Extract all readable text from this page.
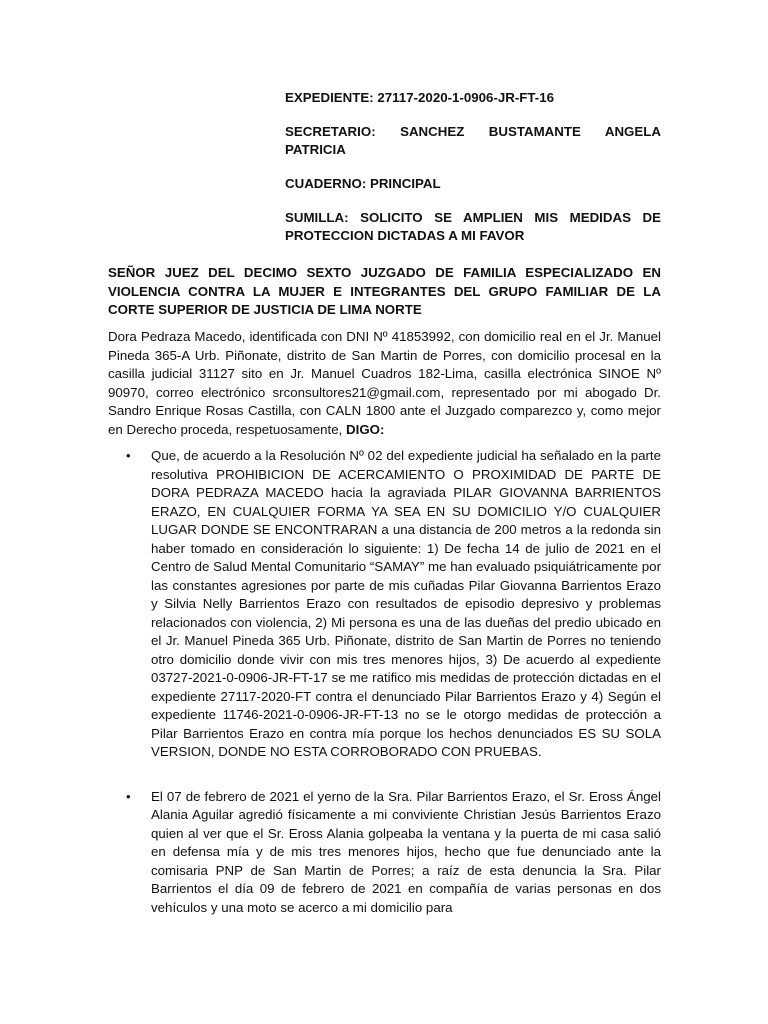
EXPEDIENTE: 27117-2020-1-0906-JR-FT-16

SECRETARIO: SANCHEZ BUSTAMANTE ANGELA PATRICIA

CUADERNO: PRINCIPAL

SUMILLA: SOLICITO SE AMPLIEN MIS MEDIDAS DE PROTECCION DICTADAS A MI FAVOR

SEÑOR JUEZ DEL DECIMO SEXTO JUZGADO DE FAMILIA ESPECIALIZADO EN VIOLENCIA CONTRA LA MUJER E INTEGRANTES DEL GRUPO FAMILIAR DE LA CORTE SUPERIOR DE JUSTICIA DE LIMA NORTE

Dora Pedraza Macedo, identificada con DNI Nº 41853992, con domicilio real en el Jr. Manuel Pineda 365-A Urb. Piñonate, distrito de San Martin de Porres, con domicilio procesal en la casilla judicial 31127 sito en Jr. Manuel Cuadros 182-Lima, casilla electrónica SINOE Nº 90970, correo electrónico srconsultores21@gmail.com, representado por mi abogado Dr. Sandro Enrique Rosas Castilla, con CALN 1800 ante el Juzgado comparezco y, como mejor en Derecho proceda, respetuosamente, DIGO:

• Que, de acuerdo a la Resolución Nº 02 del expediente judicial ha señalado en la parte resolutiva PROHIBICION DE ACERCAMIENTO O PROXIMIDAD DE PARTE DE DORA PEDRAZA MACEDO hacia la agraviada PILAR GIOVANNA BARRIENTOS ERAZO, EN CUALQUIER FORMA YA SEA EN SU DOMICILIO Y/O CUALQUIER LUGAR DONDE SE ENCONTRARAN a una distancia de 200 metros a la redonda sin haber tomado en consideración lo siguiente: 1) De fecha 14 de julio de 2021 en el Centro de Salud Mental Comunitario “SAMAY” me han evaluado psiquiátricamente por las constantes agresiones por parte de mis cuñadas Pilar Giovanna Barrientos Erazo y Silvia Nelly Barrientos Erazo con resultados de episodio depresivo y problemas relacionados con violencia, 2) Mi persona es una de las dueñas del predio ubicado en el Jr. Manuel Pineda 365 Urb. Piñonate, distrito de San Martin de Porres no teniendo otro domicilio donde vivir con mis tres menores hijos, 3) De acuerdo al expediente 03727-2021-0-0906-JR-FT-17 se me ratifico mis medidas de protección dictadas en el expediente 27117-2020-FT contra el denunciado Pilar Barrientos Erazo y 4) Según el expediente 11746-2021-0-0906-JR-FT-13 no se le otorgo medidas de protección a Pilar Barrientos Erazo en contra mía porque los hechos denunciados ES SU SOLA VERSION, DONDE NO ESTA CORROBORADO CON PRUEBAS.
• El 07 de febrero de 2021 el yerno de la Sra. Pilar Barrientos Erazo, el Sr. Eross Ángel Alania Aguilar agredió físicamente a mi conviviente Christian Jesús Barrientos Erazo quien al ver que el Sr. Eross Alania golpeaba la ventana y la puerta de mi casa salió en defensa mía y de mis tres menores hijos, hecho que fue denunciado ante la comisaria PNP de San Martin de Porres; a raíz de esta denuncia la Sra. Pilar Barrientos el día 09 de febrero de 2021 en compañía de varias personas en dos vehículos y una moto se acerco a mi domicilio para
